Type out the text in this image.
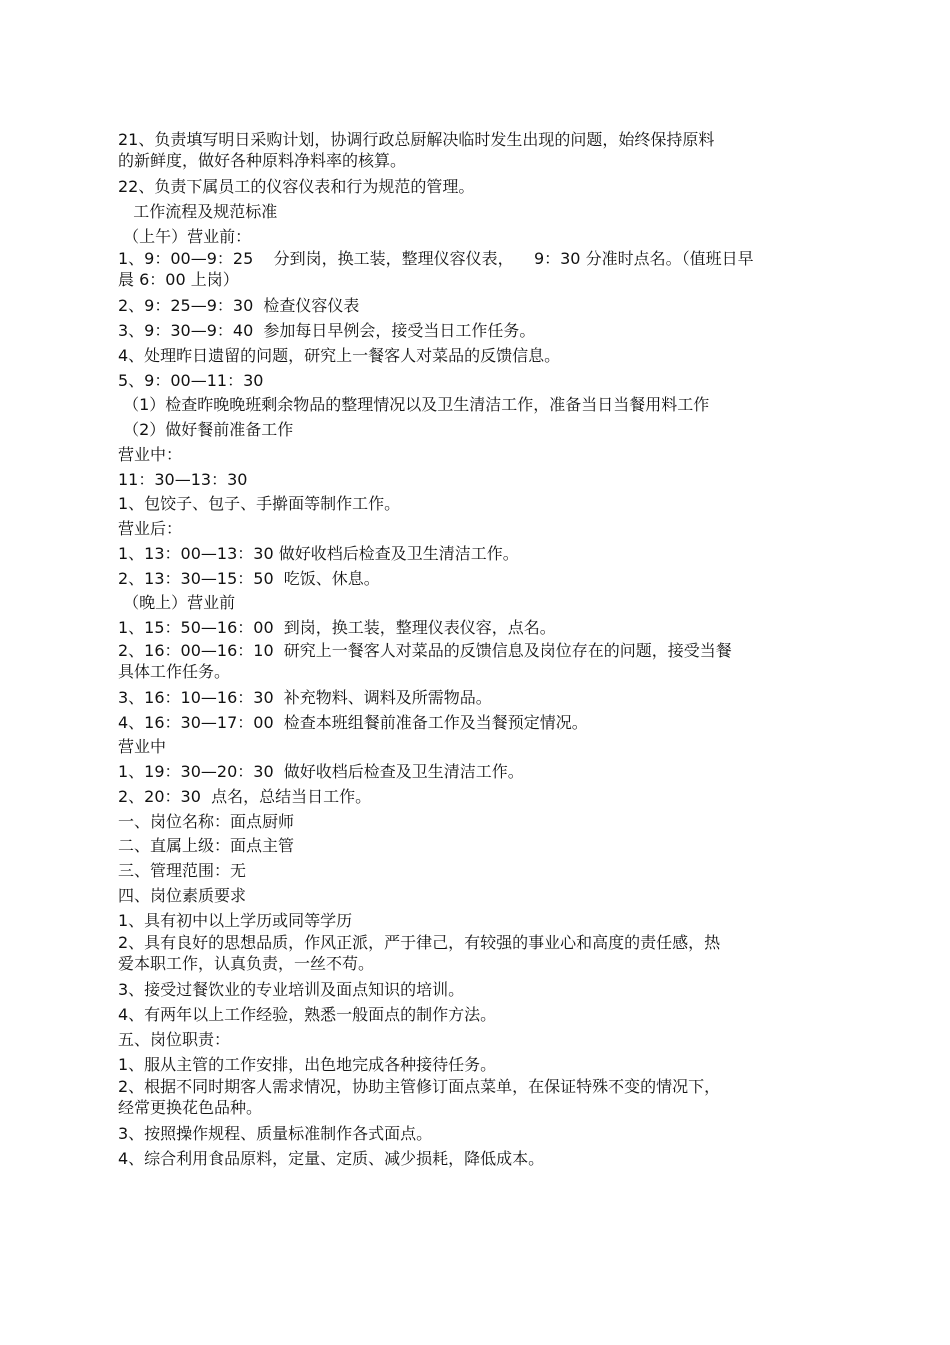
21、负责填写明日采购计划，协调行政总厨解决临时发生出现的问题，始终保持原料
的新鲜度，做好各种原料净料率的核算。
22、负责下属员工的仪容仪表和行为规范的管理。
工作流程及规范标准
（上午）营业前：
1、9：00—9：25    分到岗，换工装，整理仪容仪表，    9：30 分准时点名。（值班日早
晨 6：00 上岗）
2、9：25—9：30  检查仪容仪表
3、9：30—9：40  参加每日早例会，接受当日工作任务。
4、处理昨日遗留的问题，研究上一餐客人对菜品的反馈信息。
5、9：00—11：30
（1）检查昨晚晚班剩余物品的整理情况以及卫生清洁工作，准备当日当餐用料工作
（2）做好餐前准备工作
营业中：
11：30—13：30
1、包饺子、包子、手擀面等制作工作。
营业后：
1、13：00—13：30 做好收档后检查及卫生清洁工作。
2、13：30—15：50  吃饭、休息。
（晚上）营业前
1、15：50—16：00  到岗，换工装，整理仪表仪容，点名。
2、16：00—16：10  研究上一餐客人对菜品的反馈信息及岗位存在的问题，接受当餐
具体工作任务。
3、16：10—16：30  补充物料、调料及所需物品。
4、16：30—17：00  检查本班组餐前准备工作及当餐预定情况。
营业中
1、19：30—20：30  做好收档后检查及卫生清洁工作。
2、20：30  点名，总结当日工作。
一、岗位名称：面点厨师
二、直属上级：面点主管
三、管理范围：无
四、岗位素质要求
1、具有初中以上学历或同等学历
2、具有良好的思想品质，作风正派，严于律己，有较强的事业心和高度的责任感，热
爱本职工作，认真负责，一丝不苟。
3、接受过餐饮业的专业培训及面点知识的培训。
4、有两年以上工作经验，熟悉一般面点的制作方法。
五、岗位职责：
1、服从主管的工作安排，出色地完成各种接待任务。
2、根据不同时期客人需求情况，协助主管修订面点菜单，在保证特殊不变的情况下，
经常更换花色品种。
3、按照操作规程、质量标准制作各式面点。
4、综合利用食品原料，定量、定质、减少损耗，降低成本。
